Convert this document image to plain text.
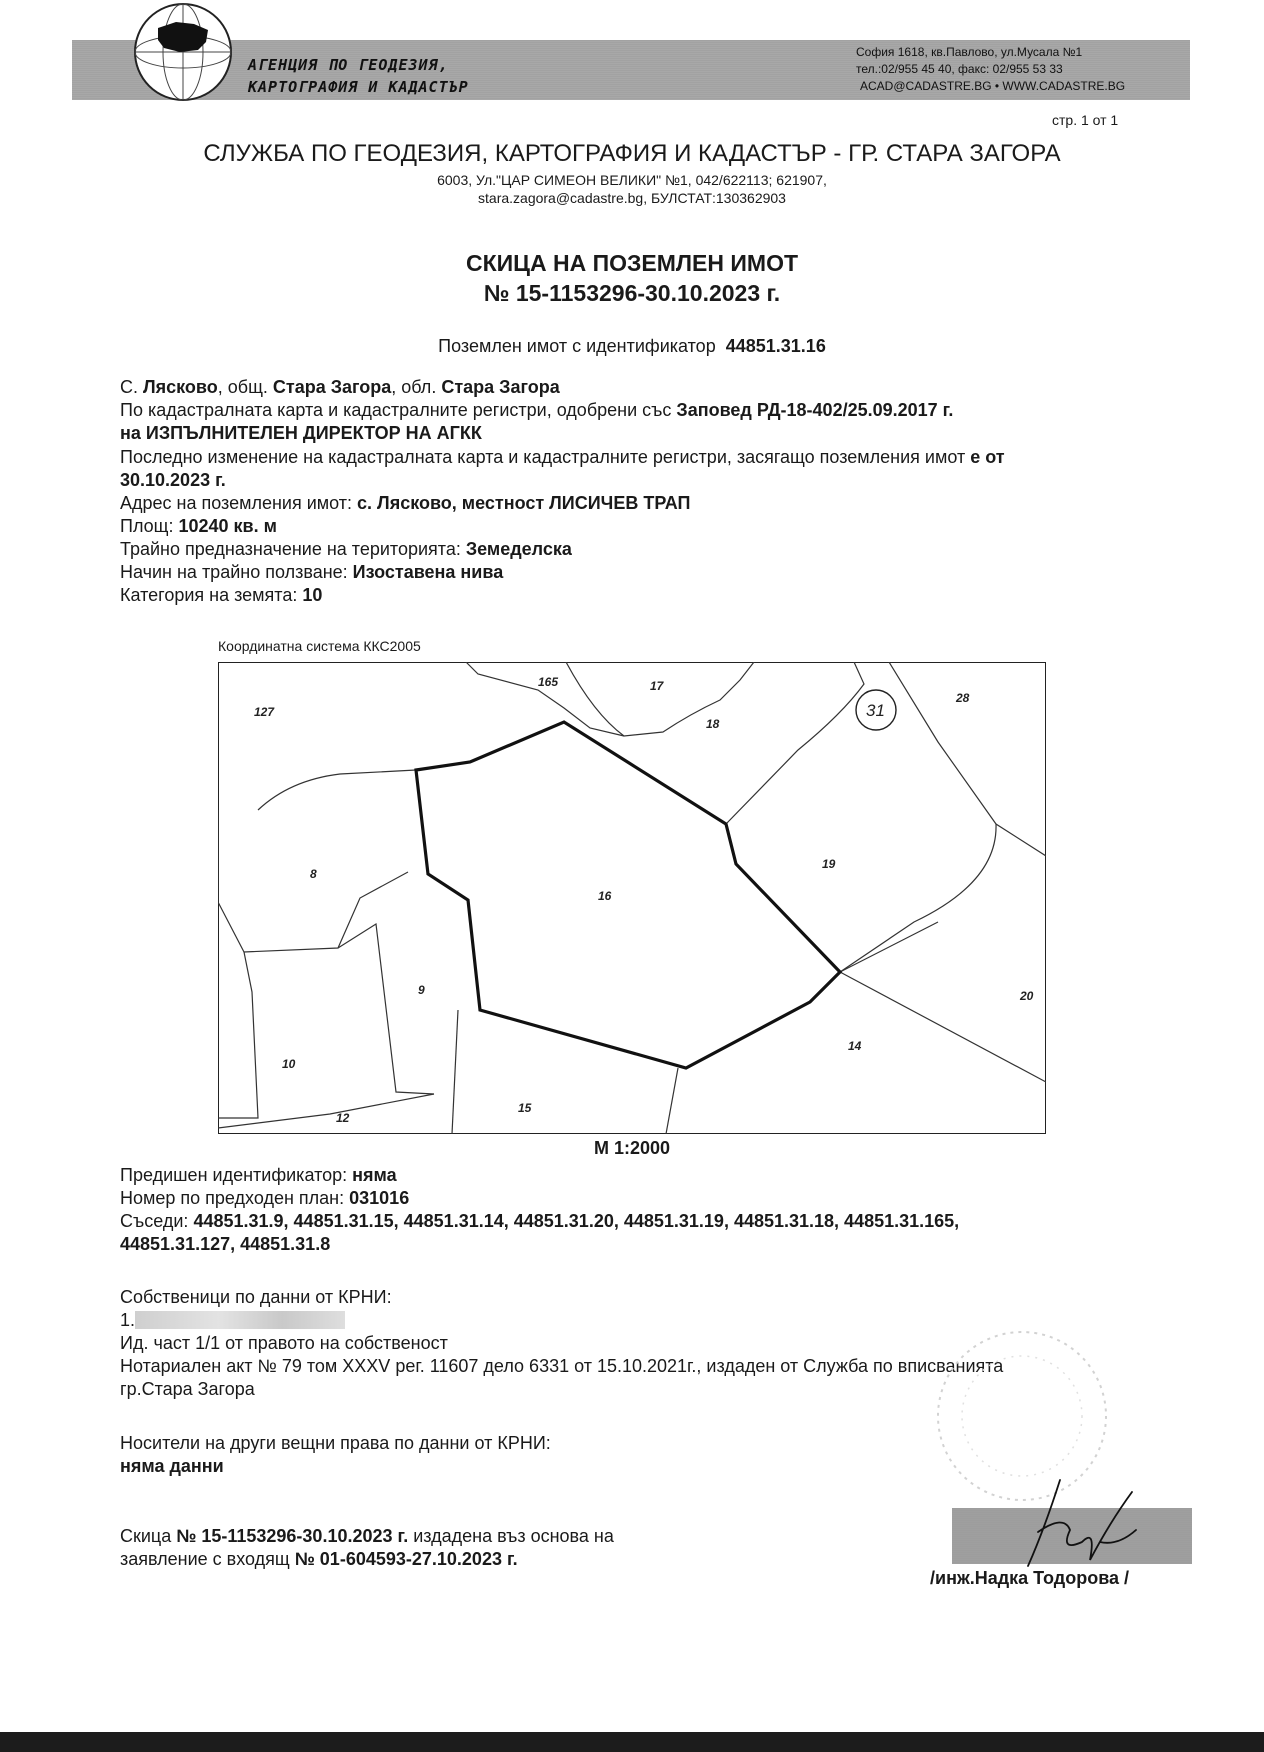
АГЕНЦИЯ ПО ГЕОДЕЗИЯ,
КАРТОГРАФИЯ И КАДАСТЪР
София 1618, кв.Павлово, ул.Мусала №1
тел.:02/955 45 40, факс: 02/955 53 33
ACAD@CADASTRE.BG • WWW.CADASTRE.BG
стр. 1 от 1
СЛУЖБА ПО ГЕОДЕЗИЯ, КАРТОГРАФИЯ И КАДАСТЪР - ГР. СТАРА ЗАГОРА
6003, Ул."ЦАР СИМЕОН ВЕЛИКИ" №1, 042/622113; 621907,
stara.zagora@cadastre.bg, БУЛСТАТ:130362903
СКИЦА НА ПОЗЕМЛЕН ИМОТ
№ 15-1153296-30.10.2023 г.
Поземлен имот с идентификатор 44851.31.16
С. Лясково, общ. Стара Загора, обл. Стара Загора
По кадастралната карта и кадастралните регистри, одобрени със Заповед РД-18-402/25.09.2017 г.
на ИЗПЪЛНИТЕЛЕН ДИРЕКТОР НА АГКК
Последно изменение на кадастралната карта и кадастралните регистри, засягащо поземления имот е от
30.10.2023 г.
Адрес на поземления имот: с. Лясково, местност ЛИСИЧЕВ ТРАП
Площ: 10240 кв. м
Трайно предназначение на територията: Земеделска
Начин на трайно ползване: Изоставена нива
Категория на земята: 10
Координатна система ККС2005
127
165	17
18
31
28
8
16
19
9	20
10
14
15
12
М 1:2000
Предишен идентификатор: няма
Номер по предходен план: 031016
Съседи: 44851.31.9, 44851.31.15, 44851.31.14, 44851.31.20, 44851.31.19, 44851.31.18, 44851.31.165,
44851.31.127, 44851.31.8
Собственици по данни от КРНИ:
1.
Ид. част 1/1 от правото на собственост
Нотариален акт № 79 том XXXV рег. 11607 дело 6331 от 15.10.2021г., издаден от Служба по вписванията
гр.Стара Загора
Носители на други вещни права по данни от КРНИ:
няма данни
Скица № 15-1153296-30.10.2023 г. издадена въз основа на
заявление с входящ № 01-604593-27.10.2023 г.
/инж.Надка Тодорова /
